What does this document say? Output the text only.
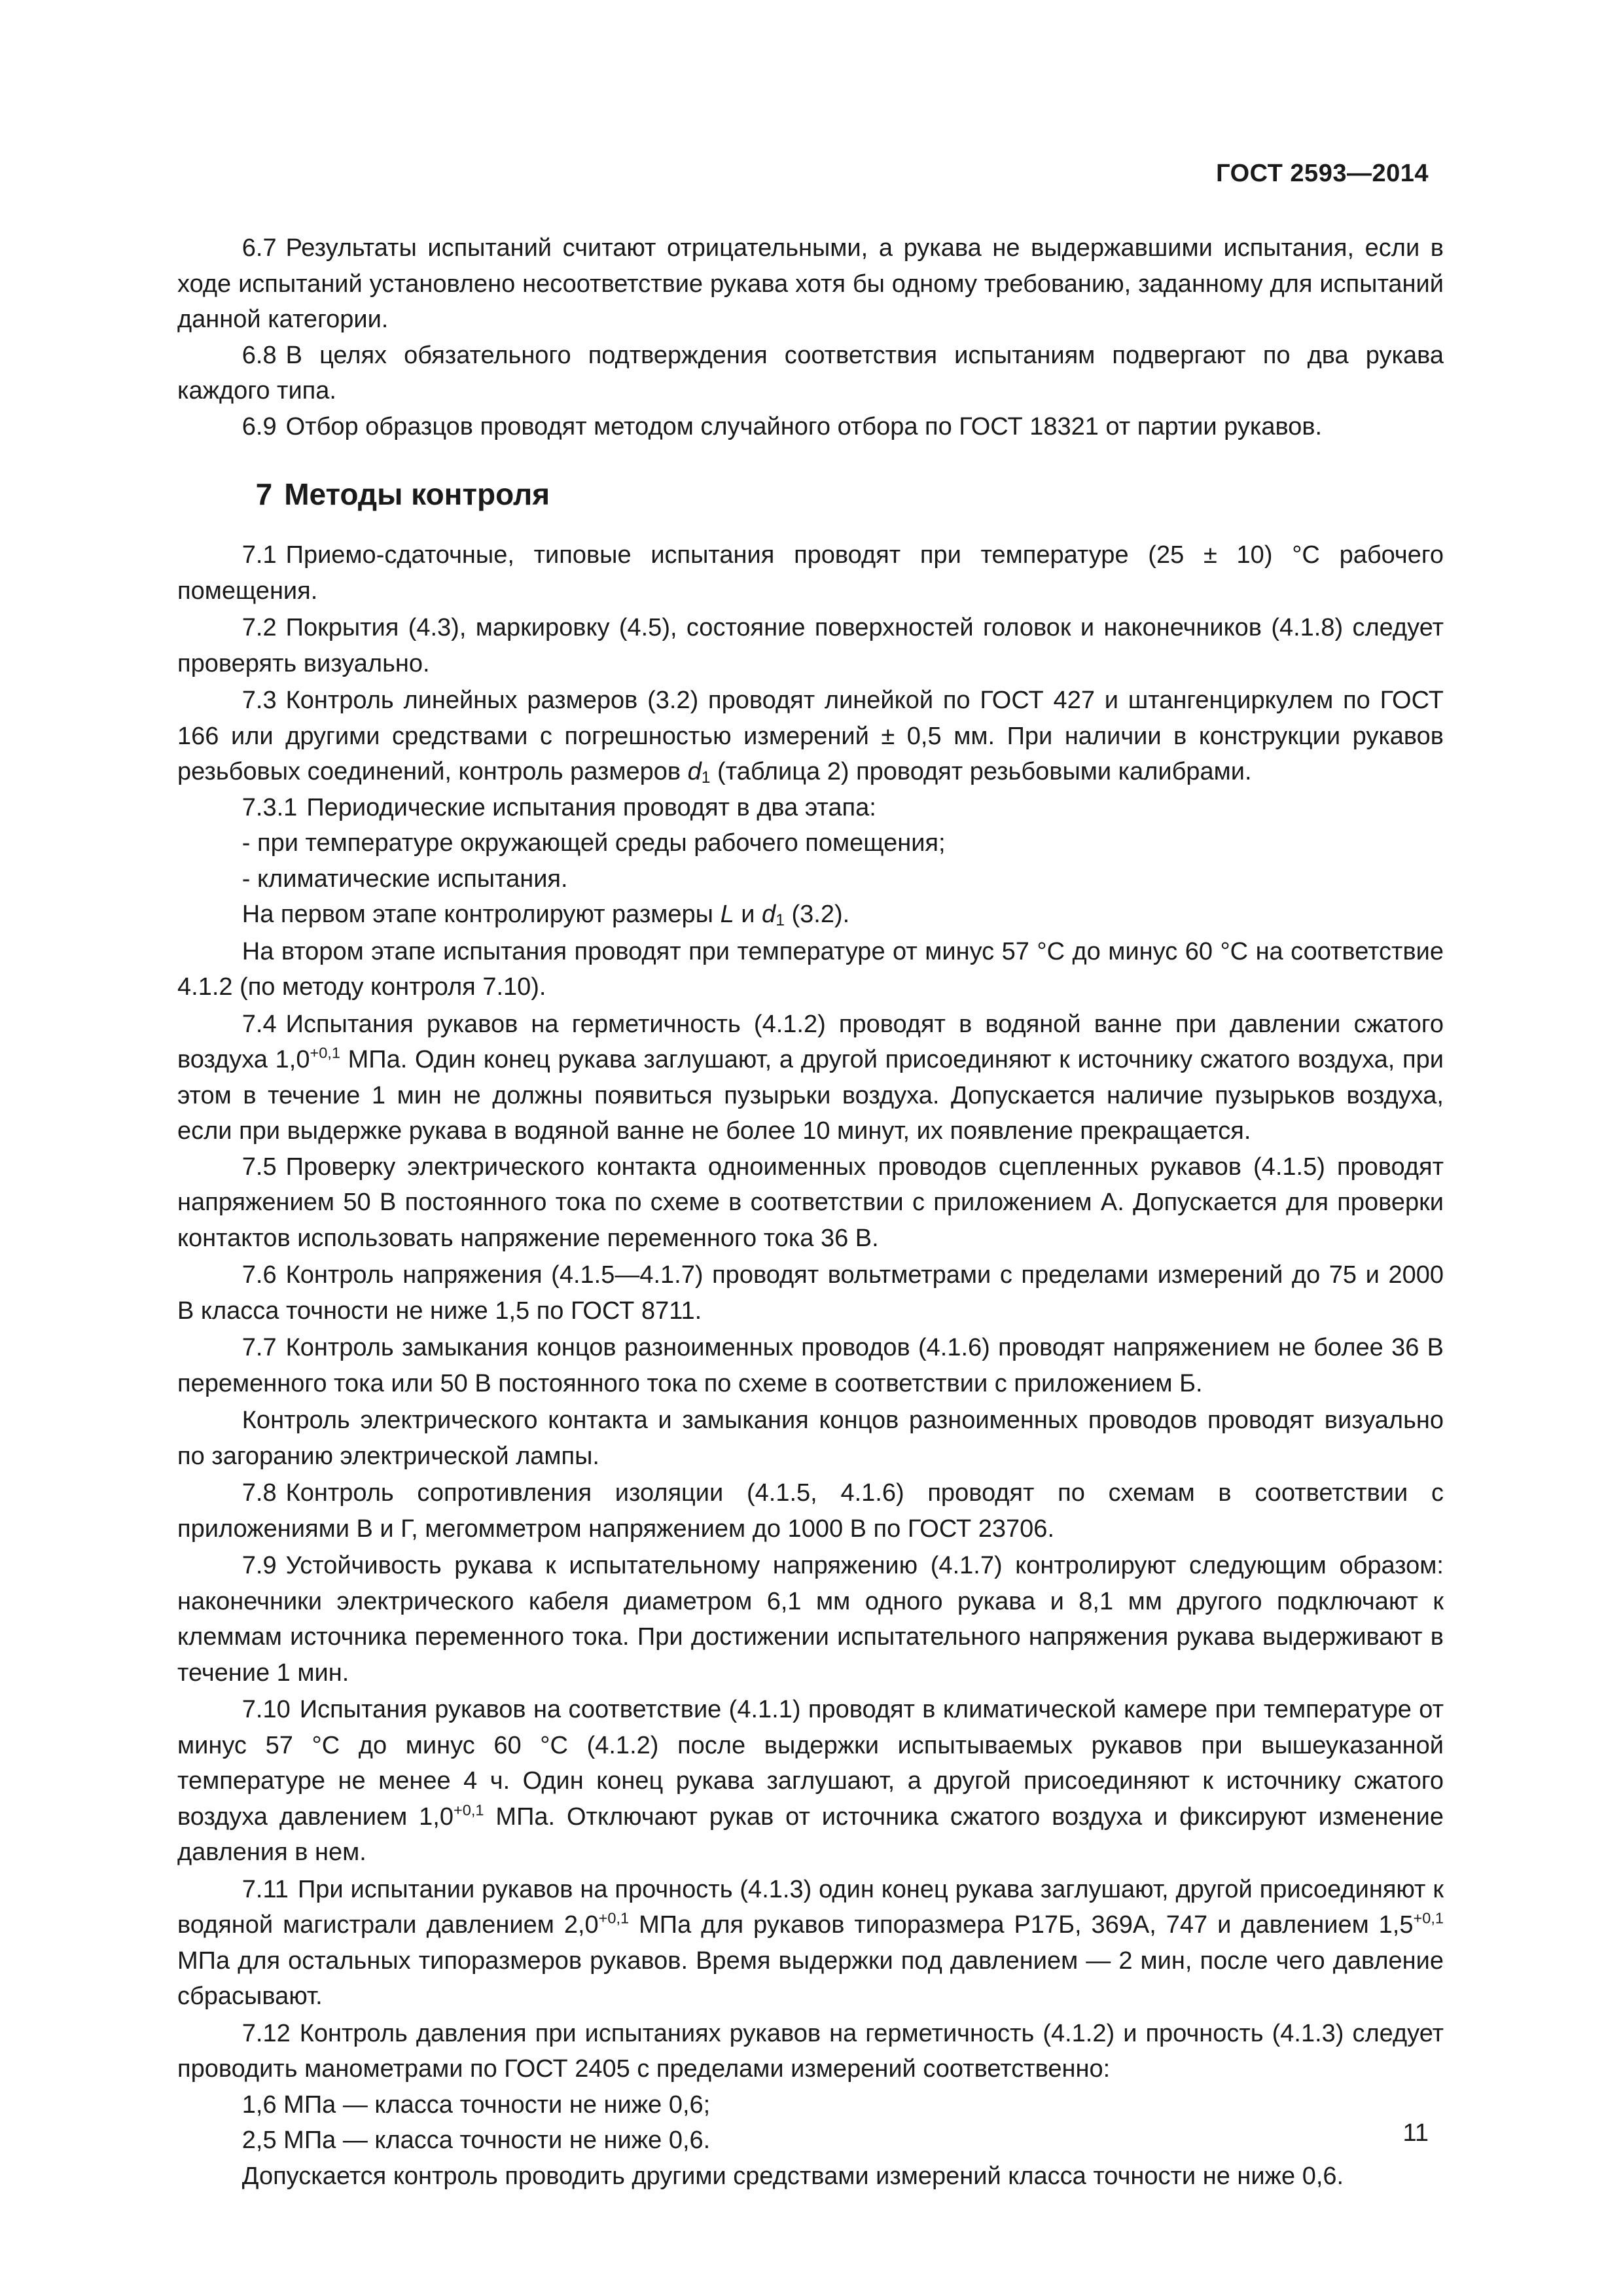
ГОСТ 2593—2014

6.7 Результаты испытаний считают отрицательными, а рукава не выдержавшими испытания, если в ходе испытаний установлено несоответствие рукава хотя бы одному требованию, заданному для испытаний данной категории.

6.8 В целях обязательного подтверждения соответствия испытаниям подвергают по два рукава каждого типа.

6.9 Отбор образцов проводят методом случайного отбора по ГОСТ 18321 от партии рукавов.

7 Методы контроля

7.1 Приемо-сдаточные, типовые испытания проводят при температуре (25 ± 10) °С рабочего помещения.

7.2 Покрытия (4.3), маркировку (4.5), состояние поверхностей головок и наконечников (4.1.8) следует проверять визуально.

7.3 Контроль линейных размеров (3.2) проводят линейкой по ГОСТ 427 и штангенциркулем по ГОСТ 166 или другими средствами с погрешностью измерений ± 0,5 мм. При наличии в конструкции рукавов резьбовых соединений, контроль размеров $d_1$ (таблица 2) проводят резьбовыми калибрами.

7.3.1 Периодические испытания проводят в два этапа:

- при температуре окружающей среды рабочего помещения;

- климатические испытания.

На первом этапе контролируют размеры L и $d_1$ (3.2).

На втором этапе испытания проводят при температуре от минус 57 °С до минус 60 °С на соответствие 4.1.2 (по методу контроля 7.10).

7.4 Испытания рукавов на герметичность (4.1.2) проводят в водяной ванне при давлении сжатого воздуха $1,0^{+0,1}$ МПа. Один конец рукава заглушают, а другой присоединяют к источнику сжатого воздуха, при этом в течение 1 мин не должны появиться пузырьки воздуха. Допускается наличие пузырьков воздуха, если при выдержке рукава в водяной ванне не более 10 минут, их появление прекращается.

7.5 Проверку электрического контакта одноименных проводов сцепленных рукавов (4.1.5) проводят напряжением 50 В постоянного тока по схеме в соответствии с приложением А. Допускается для проверки контактов использовать напряжение переменного тока 36 В.

7.6 Контроль напряжения (4.1.5—4.1.7) проводят вольтметрами с пределами измерений до 75 и 2000 В класса точности не ниже 1,5 по ГОСТ 8711.

7.7 Контроль замыкания концов разноименных проводов (4.1.6) проводят напряжением не более 36 В переменного тока или 50 В постоянного тока по схеме в соответствии с приложением Б.

Контроль электрического контакта и замыкания концов разноименных проводов проводят визуально по загоранию электрической лампы.

7.8 Контроль сопротивления изоляции (4.1.5, 4.1.6) проводят по схемам в соответствии с приложениями В и Г, мегомметром напряжением до 1000 В по ГОСТ 23706.

7.9 Устойчивость рукава к испытательному напряжению (4.1.7) контролируют следующим образом: наконечники электрического кабеля диаметром 6,1 мм одного рукава и 8,1 мм другого подключают к клеммам источника переменного тока. При достижении испытательного напряжения рукава выдерживают в течение 1 мин.

7.10 Испытания рукавов на соответствие (4.1.1) проводят в климатической камере при температуре от минус 57 °С до минус 60 °С (4.1.2) после выдержки испытываемых рукавов при вышеуказанной температуре не менее 4 ч. Один конец рукава заглушают, а другой присоединяют к источнику сжатого воздуха давлением $1,0^{+0,1}$ МПа. Отключают рукав от источника сжатого воздуха и фиксируют изменение давления в нем.

7.11 При испытании рукавов на прочность (4.1.3) один конец рукава заглушают, другой присоединяют к водяной магистрали давлением $2,0^{+0,1}$ МПа для рукавов типоразмера Р17Б, 369А, 747 и давлением $1,5^{+0,1}$ МПа для остальных типоразмеров рукавов. Время выдержки под давлением — 2 мин, после чего давление сбрасывают.

7.12 Контроль давления при испытаниях рукавов на герметичность (4.1.2) и прочность (4.1.3) следует проводить манометрами по ГОСТ 2405 с пределами измерений соответственно:

1,6 МПа — класса точности не ниже 0,6;

2,5 МПа — класса точности не ниже 0,6.

Допускается контроль проводить другими средствами измерений класса точности не ниже 0,6.

11
